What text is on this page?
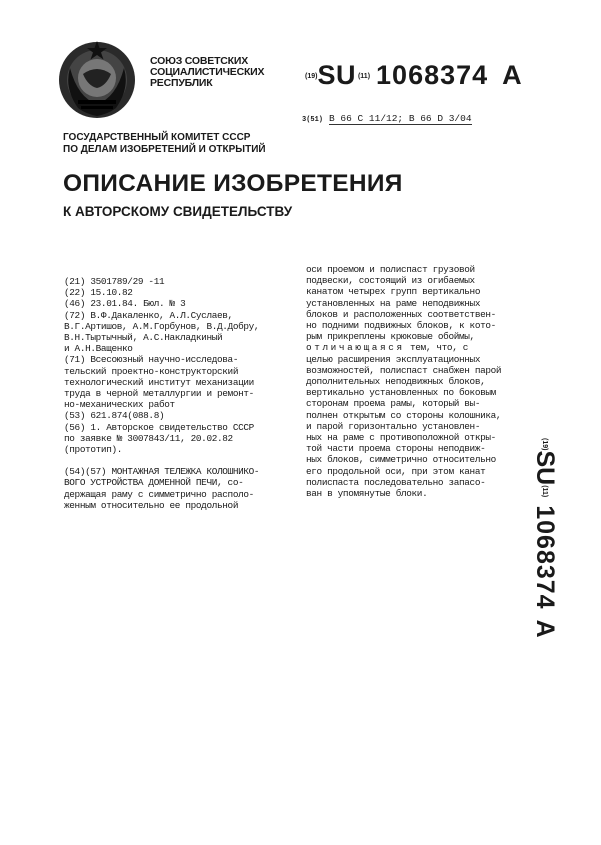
СОЮЗ СОВЕТСКИХ
СОЦИАЛИСТИЧЕСКИХ
РЕСПУБЛИК
$^{(19)}$SU $^{(11)}$ 1068374 A
3(51) B 66 C 11/12; B 66 D 3/04
ГОСУДАРСТВЕННЫЙ КОМИТЕТ СССР
ПО ДЕЛАМ ИЗОБРЕТЕНИЙ И ОТКРЫТИЙ
ОПИСАНИЕ ИЗОБРЕТЕНИЯ
К АВТОРСКОМУ СВИДЕТЕЛЬСТВУ
(21) 3501789/29 -11
(22) 15.10.82
(46) 23.01.84. Бюл. № 3
(72) В.Ф.Дакаленко, А.Л.Суслаев,
В.Г.Артишов, А.М.Горбунов, В.Д.Добру,
В.Н.Тыртычный, А.С.Накладкиный
и А.Н.Ващенко
(71) Всесоюзный научно-исследова-
тельский проектно-конструкторский
технологический институт механизации
труда в черной металлургии и ремонт-
но-механических работ
(53) 621.874(088.8)
(56) 1. Авторское свидетельство СССР
по заявке № 3007843/11, 20.02.82
(прототип).
(54)(57) МОНТАЖНАЯ ТЕЛЕЖКА КОЛОШНИКО-
ВОГО УСТРОЙСТВА ДОМЕННОЙ ПЕЧИ, со-
держащая раму с симметрично располо-
женным относительно ее продольной
оси проемом и полиспаст грузовой
подвески, состоящий из огибаемых
канатом четырех групп вертикально
установленных на раме неподвижных
блоков и расположенных соответствен-
но подними подвижных блоков, к кото-
рым прикреплены крюковые обоймы,
отличающаяся тем, что, с
целью расширения эксплуатационных
возможностей, полиспаст снабжен парой
дополнительных неподвижных блоков,
вертикально установленных по боковым
сторонам проема рамы, который вы-
полнен открытым со стороны колошника,
и парой горизонтально установлен-
ных на раме с противоположной откры-
той части проема стороны неподвиж-
ных блоков, симметрично относительно
его продольной оси, при этом канат
полиспаста последовательно запасо-
ван в упомянутые блоки.
$^{(19)}$SU$^{(11)}$1068374A
